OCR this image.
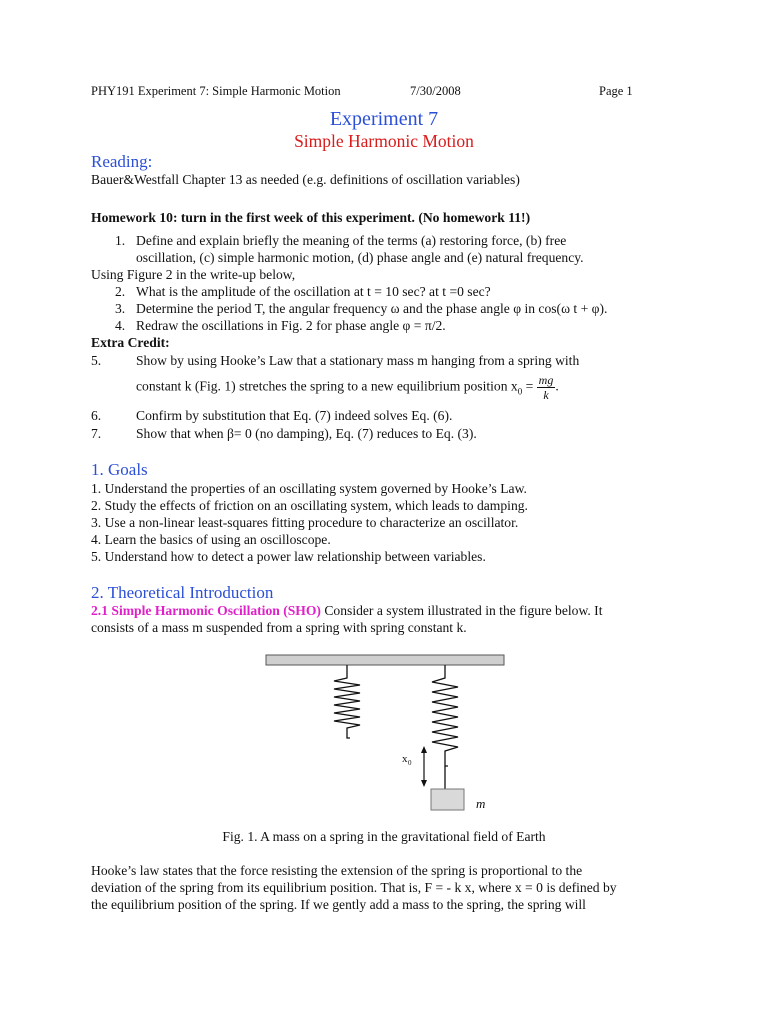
PHY191 Experiment 7: Simple Harmonic Motion	7/30/2008	Page 1
Experiment 7
Simple Harmonic Motion
Reading:
Bauer&Westfall Chapter 13 as needed (e.g. definitions of oscillation variables)
Homework 10: turn in the first week of this experiment. (No homework 11!)
1. Define and explain briefly the meaning of the terms (a) restoring force, (b) free
oscillation, (c) simple harmonic motion, (d) phase angle and (e) natural frequency.
Using Figure 2 in the write-up below,
2. What is the amplitude of the oscillation at t = 10 sec? at t =0 sec?
3. Determine the period T, the angular frequency ω and the phase angle φ in cos(ω t + φ).
4. Redraw the oscillations in Fig. 2 for phase angle φ = π/2.
Extra Credit:
5.	Show by using Hooke’s Law that a stationary mass m hanging from a spring with
constant k (Fig. 1) stretches the spring to a new equilibrium position $x_0 = \frac{mg}{k}$ .
6.	Confirm by substitution that Eq. (7) indeed solves Eq. (6).
7.	Show that when β= 0 (no damping), Eq. (7) reduces to Eq. (3).
1. Goals
1. Understand the properties of an oscillating system governed by Hooke’s Law.
2. Study the effects of friction on an oscillating system, which leads to damping.
3. Use a non-linear least-squares fitting procedure to characterize an oscillator.
4. Learn the basics of using an oscilloscope.
5. Understand how to detect a power law relationship between variables.
2. Theoretical Introduction
2.1 Simple Harmonic Oscillation (SHO) Consider a system illustrated in the figure below. It
consists of a mass m suspended from a spring with spring constant k.
x 0
m
Fig. 1. A mass on a spring in the gravitational field of Earth
Hooke’s law states that the force resisting the extension of the spring is proportional to the
deviation of the spring from its equilibrium position. That is, F = - k x, where x = 0 is defined by
the equilibrium position of the spring. If we gently add a mass to the spring, the spring will
